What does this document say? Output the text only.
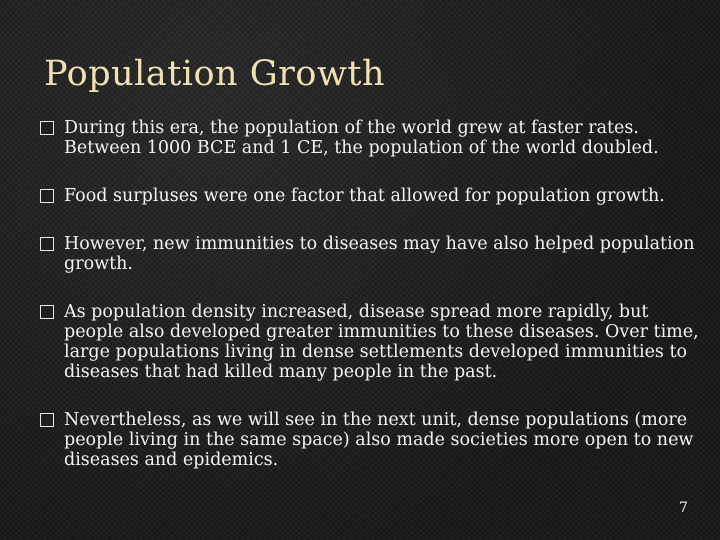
Population Growth
During this era, the population of the world grew at faster rates. Between 1000 BCE and 1 CE, the population of the world doubled.
Food surpluses were one factor that allowed for population growth.
However, new immunities to diseases may have also helped population growth.
As population density increased, disease spread more rapidly, but people also developed greater immunities to these diseases. Over time, large populations living in dense settlements developed immunities to diseases that had killed many people in the past.
Nevertheless, as we will see in the next unit, dense populations (more people living in the same space) also made societies more open to new diseases and epidemics.
7
